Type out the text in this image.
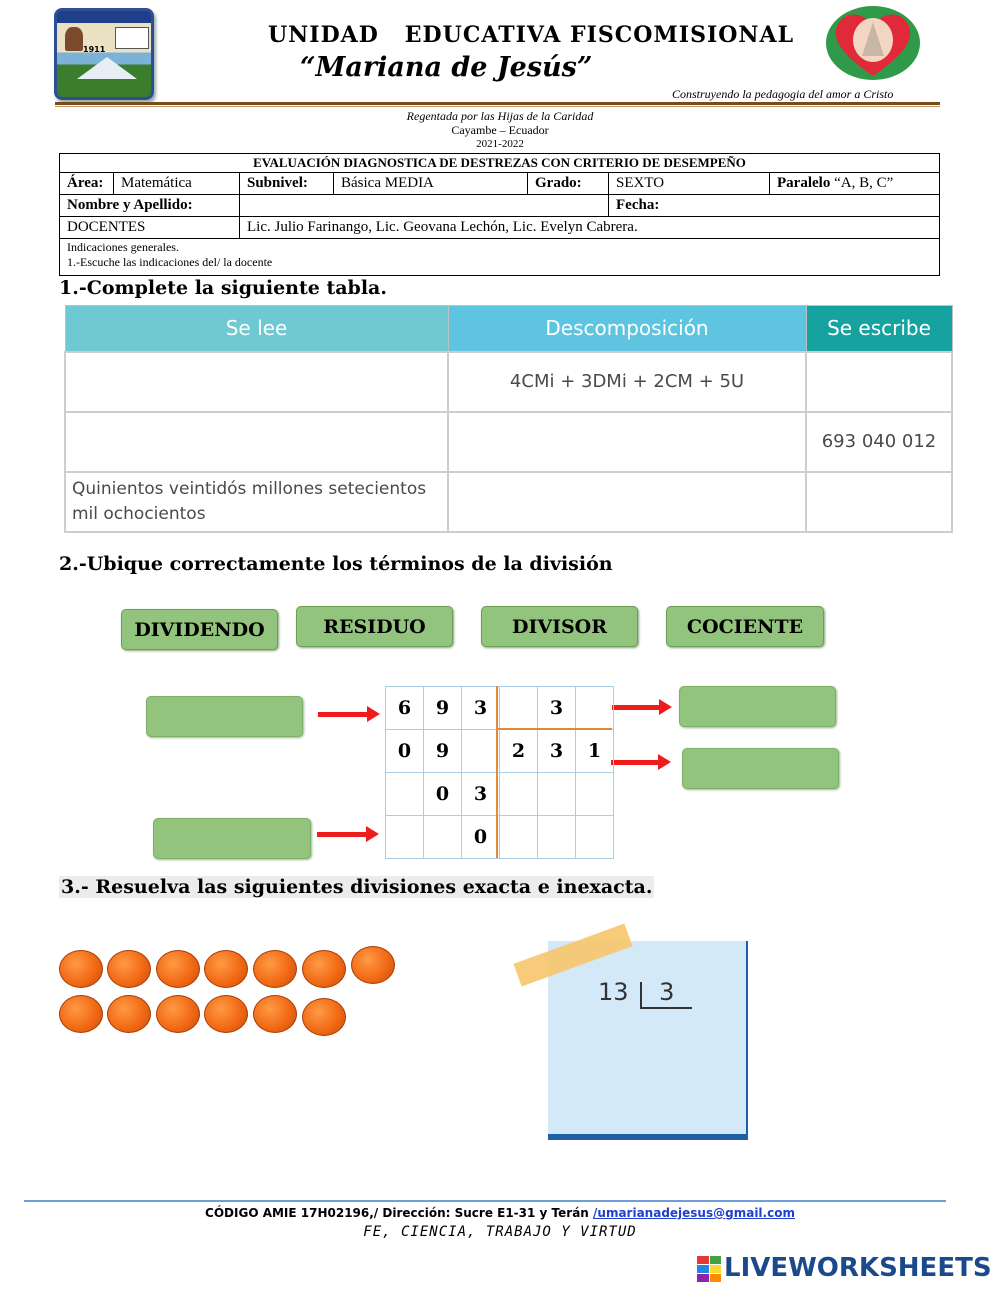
1911
UNIDAD   EDUCATIVA FISCOMISIONAL
“Mariana de Jesús”
Construyendo la pedagogia del amor a Cristo
Regentada por las Hijas de la Caridad
Cayambe – Ecuador
2021-2022
EVALUACIÓN DIAGNOSTICA DE DESTREZAS CON CRITERIO DE DESEMPEÑO						
Área:	Matemática	Subnivel:	Básica MEDIA	Grado:	SEXTO	Paralelo “A, B, C”
Nombre y Apellido:					Fecha:	
DOCENTES		Lic. Julio Farinango, Lic. Geovana Lechón, Lic. Evelyn Cabrera.				

Indicaciones generales.
1.-Escuche las indicaciones del/ la docente						
1.-Complete la siguiente tabla.
Se lee	Descomposición	Se escribe
	4CMi + 3DMi + 2CM + 5U	
		693 040 012
Quinientos veintidós millones setecientos mil ochocientos		
2.-Ubique correctamente los términos de la división
DIVIDENDO	RESIDUO	DIVISOR	COCIENTE
6	9	3		3	
0	9		2	3	1
	0	3			
		0			
3.- Resuelva las siguientes divisiones exacta e inexacta.
13 3
CÓDIGO AMIE 17H02196,/ Dirección: Sucre E1-31 y Terán /umarianadejesus@gmail.com
FE, CIENCIA, TRABAJO Y VIRTUD
LIVEWORKSHEETS
